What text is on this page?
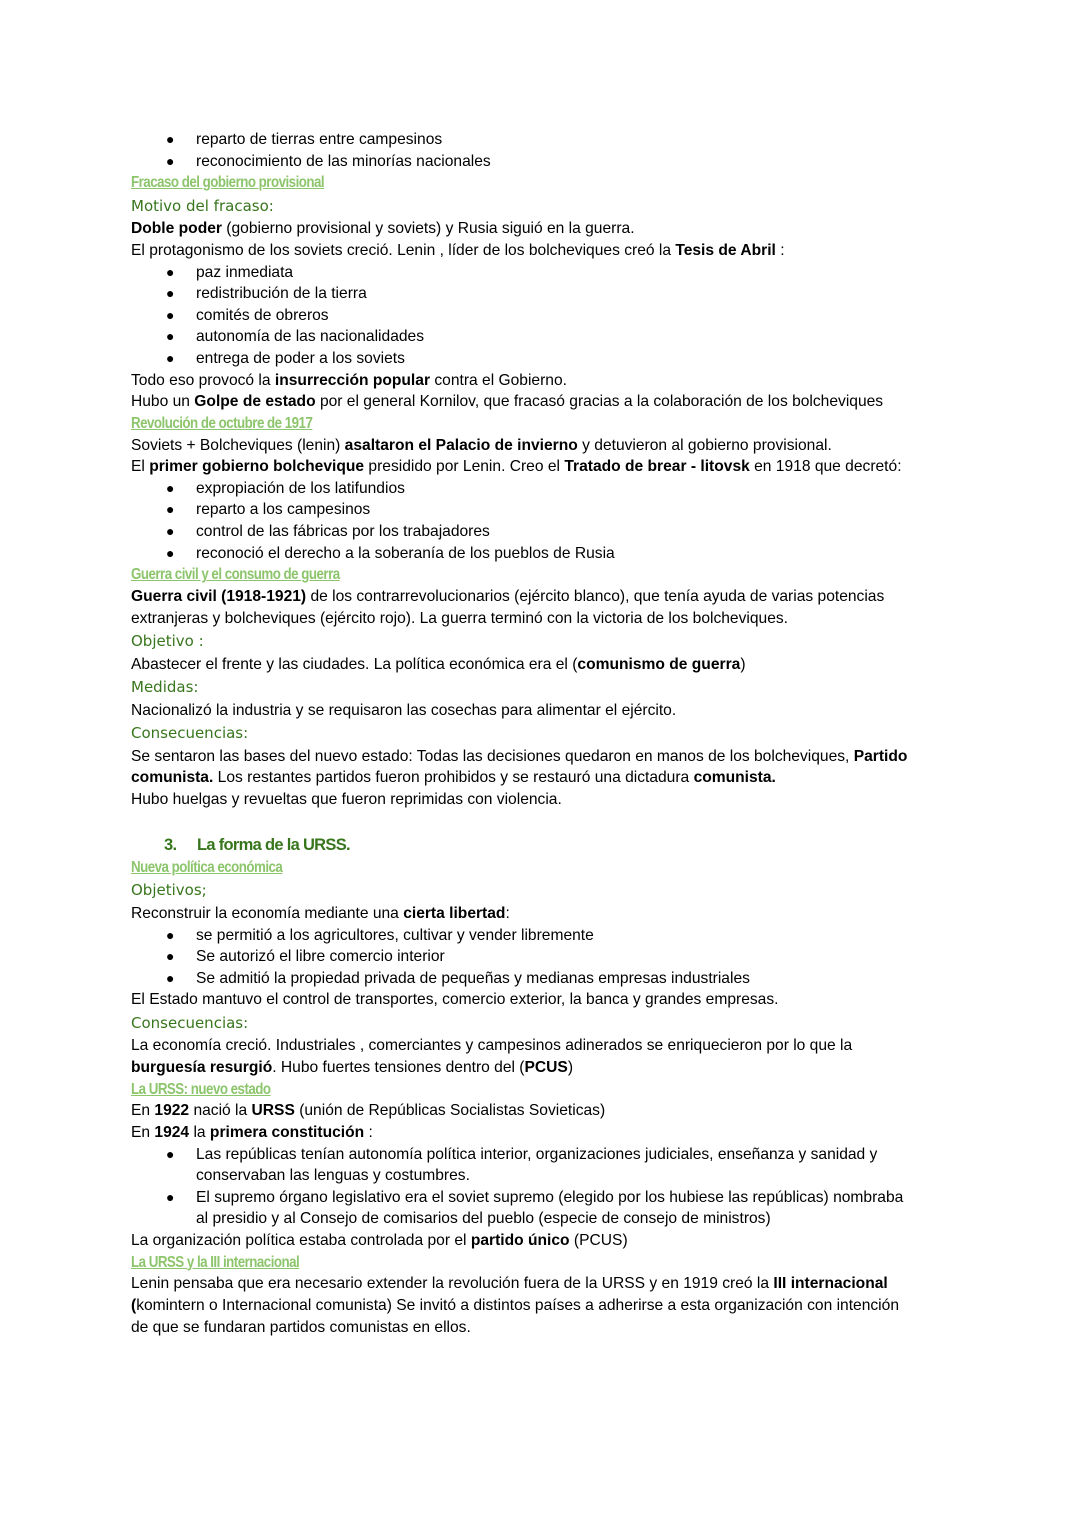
●	reparto de tierras entre campesinos
●	reconocimiento de las minorías nacionales
Fracaso del gobierno provisional
Motivo del fracaso:
Doble poder (gobierno provisional y soviets) y Rusia siguió en la guerra.
El protagonismo de los soviets creció. Lenin , líder de los bolcheviques creó la Tesis de Abril :
●	paz inmediata
●	redistribución de la tierra
●	comités de obreros
●	autonomía de las nacionalidades
●	entrega de poder a los soviets
Todo eso provocó la insurrección popular contra el Gobierno.
Hubo un Golpe de estado por el general Kornilov, que fracasó gracias a la colaboración de los bolcheviques
Revolución de octubre de 1917
Soviets + Bolcheviques (lenin) asaltaron el Palacio de invierno y detuvieron al gobierno provisional.
El primer gobierno bolchevique presidido por Lenin. Creo el Tratado de brear - litovsk en 1918 que decretó:
●	expropiación de los latifundios
●	reparto a los campesinos
●	control de las fábricas por los trabajadores
●	reconoció el derecho a la soberanía de los pueblos de Rusia
Guerra civil y el consumo de guerra
Guerra civil (1918-1921) de los contrarrevolucionarios (ejército blanco), que tenía ayuda de varias potencias
extranjeras y bolcheviques (ejército rojo). La guerra terminó con la victoria de los bolcheviques.
Objetivo :
Abastecer el frente y las ciudades. La política económica era el (comunismo de guerra)
Medidas:
Nacionalizó la industria y se requisaron las cosechas para alimentar el ejército.
Consecuencias:
Se sentaron las bases del nuevo estado: Todas las decisiones quedaron en manos de los bolcheviques, Partido
comunista. Los restantes partidos fueron prohibidos y se restauró una dictadura comunista.
Hubo huelgas y revueltas que fueron reprimidas con violencia.
3. La forma de la URSS.
Nueva política económica
Objetivos;
Reconstruir la economía mediante una cierta libertad:
●	se permitió a los agricultores, cultivar y vender libremente
●	Se autorizó el libre comercio interior
●	Se admitió la propiedad privada de pequeñas y medianas empresas industriales
El Estado mantuvo el control de transportes, comercio exterior, la banca y grandes empresas.
Consecuencias:
La economía creció. Industriales , comerciantes y campesinos adinerados se enriquecieron por lo que la
burguesía resurgió. Hubo fuertes tensiones dentro del (PCUS)
La URSS: nuevo estado
En 1922 nació la URSS (unión de Repúblicas Socialistas Sovieticas)
En 1924 la primera constitución :
●	Las repúblicas tenían autonomía política interior, organizaciones judiciales, enseñanza y sanidad y
conservaban las lenguas y costumbres.
●	El supremo órgano legislativo era el soviet supremo (elegido por los hubiese las repúblicas) nombraba
al presidio y al Consejo de comisarios del pueblo (especie de consejo de ministros)
La organización política estaba controlada por el partido único (PCUS)
La URSS y la III internacional
Lenin pensaba que era necesario extender la revolución fuera de la URSS y en 1919 creó la III internacional
(komintern o Internacional comunista) Se invitó a distintos países a adherirse a esta organización con intención
de que se fundaran partidos comunistas en ellos.
